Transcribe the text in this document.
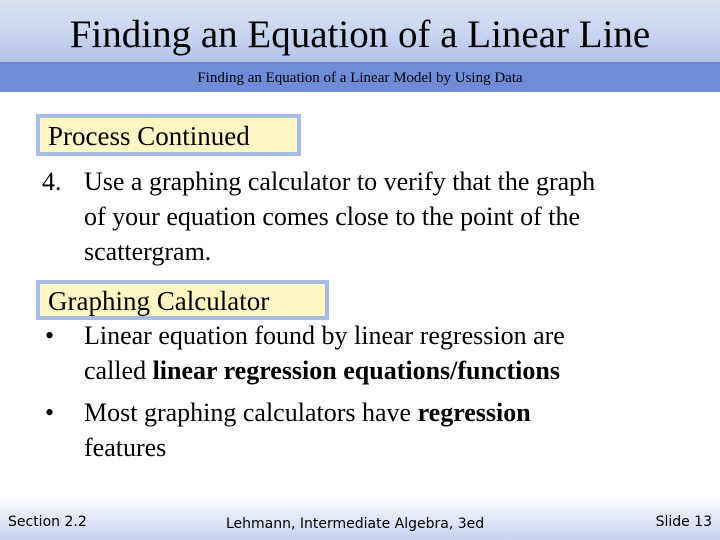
Finding an Equation of a Linear Line
Finding an Equation of a Linear Model by Using Data
Process Continued
4. Use a graphing calculator to verify that the graph
of your equation comes close to the point of the
scattergram.
Graphing Calculator
• Linear equation found by linear regression are
called linear regression equations/functions
• Most graphing calculators have regression
features
Section 2.2	Lehmann, Intermediate Algebra, 3ed	Slide 13
